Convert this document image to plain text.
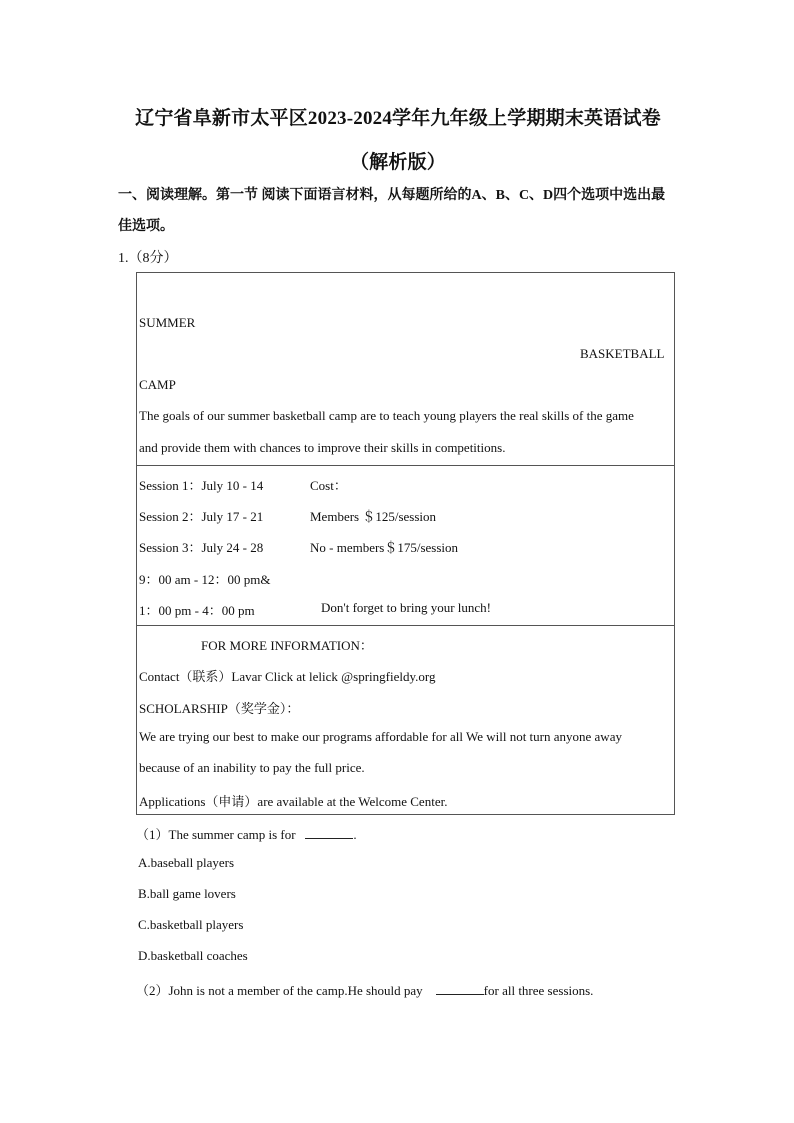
辽宁省阜新市太平区2023-2024学年九年级上学期期末英语试卷
（解析版）
一、阅读理解。第一节 阅读下面语言材料，从每题所给的A、B、C、D四个选项中选出最佳选项。
1.（8分）
SUMMER
BASKETBALL
CAMP
The goals of our summer basketball camp are to teach young players the real skills of the game
and provide them with chances to improve their skills in competitions.
Session 1：July 10 - 14	Cost：
Session 2：July 17 - 21	Members ＄125/session
Session 3：July 24 - 28	No - members＄175/session
9：00 am - 12：00 pm&
1：00 pm - 4：00 pm	Don't forget to bring your lunch!
FOR MORE INFORMATION：
Contact（联系）Lavar Click at lelick @springfieldy.org
SCHOLARSHIP（奖学金）：
We are trying our best to make our programs affordable for all We will not turn anyone away
because of an inability to pay the full price.
Applications（申请）are available at the Welcome Center.
（1）The summer camp is for	.
A.baseball players
B.ball game lovers
C.basketball players
D.basketball coaches
（2）John is not a member of the camp.He should pay	for all three sessions.
